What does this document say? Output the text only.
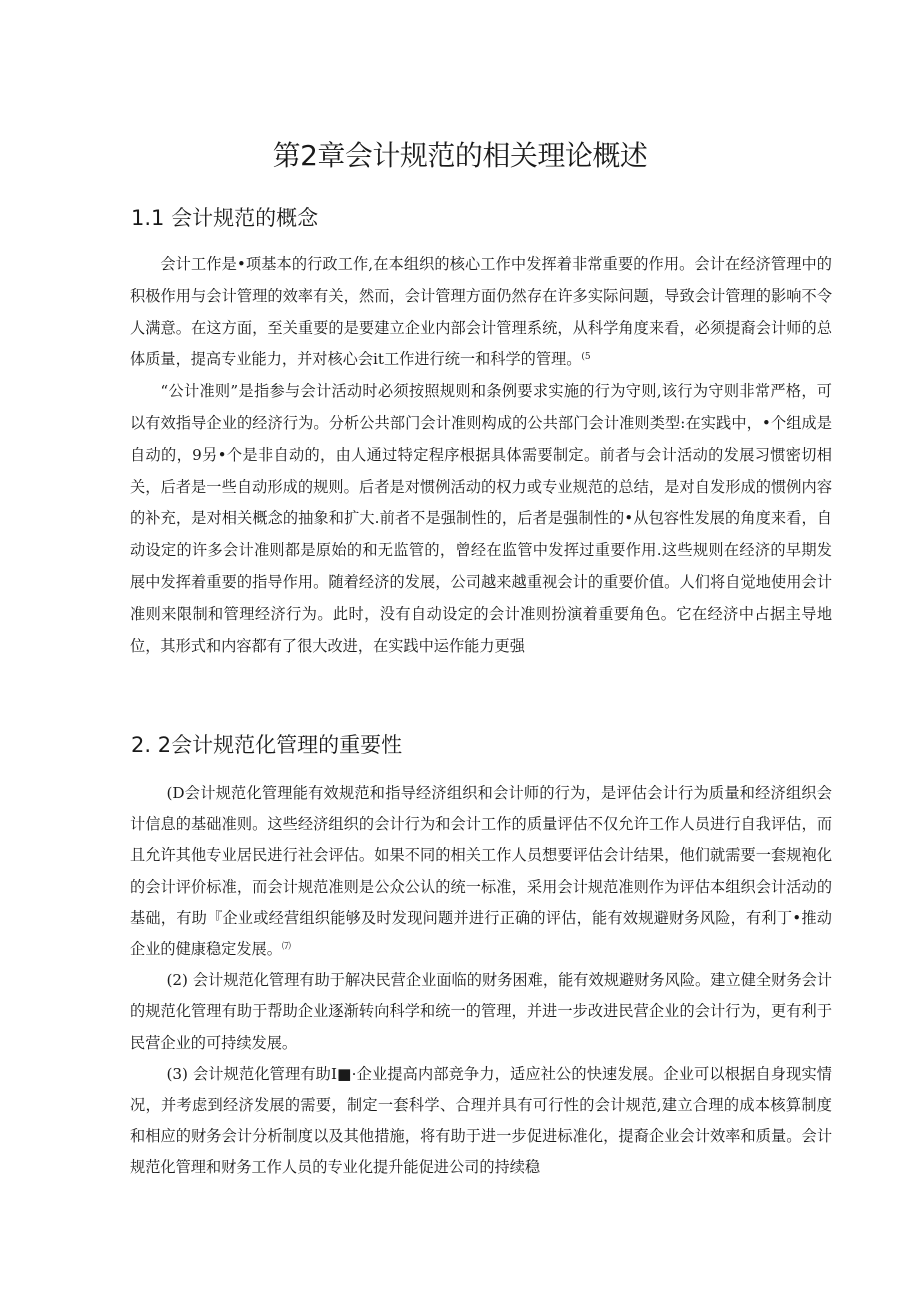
第2章会计规范的相关理论概述
1.1 会计规范的概念

会计工作是•项基本的行政工作,在本组织的核心工作中发挥着非常重要的作用。会计在经济管理中的积极作用与会计管理的效率有关，然而，会计管理方面仍然存在许多实际问题，导致会计管理的影响不令人满意。在这方面，至关重要的是要建立企业内部会计管理系统，从科学角度来看，必须提裔会计师的总体质量，提高专业能力，并对核心会it工作进行统一和科学的管理。$^{(5}$

“公计准则”是指参与会计活动时必须按照规则和条例要求实施的行为守则,该行为守则非常严格，可以有效指导企业的经济行为。分析公共部门会计准则构成的公共部门会计准则类型:在实践中，•个组成是自动的，9另•个是非自动的，由人通过特定程序根据具体需要制定。前者与会计活动的发展习惯密切相关，后者是一些自动形成的规则。后者是对惯例活动的权力或专业规范的总结，是对自发形成的惯例内容的补充，是对相关概念的抽象和扩大.前者不是强制性的，后者是强制性的•从包容性发展的角度来看，自动设定的许多会计准则都是原始的和无监管的，曾经在监管中发挥过重要作用.这些规则在经济的早期发展中发挥着重要的指导作用。随着经济的发展，公司越来越重视会计的重要价值。人们将自觉地使用会计准则来限制和管理经济行为。此时，没有自动设定的会计准则扮演着重要角色。它在经济中占据主导地位，其形式和内容都有了很大改进，在实践中运作能力更强

2. 2会计规范化管理的重要性

(D会计规范化管理能有效规范和指导经济组织和会计师的行为，是评估会计行为质量和经济组织会计信息的基础准则。这些经济组织的会计行为和会计工作的质量评估不仅允许工作人员进行自我评估，而且允许其他专业居民进行社会评估。如果不同的相关工作人员想要评估会计结果，他们就需要一套规袍化的会计评价标准，而会计规范准则是公众公认的统一标准，采用会计规范准则作为评估本组织会计活动的基础，有助『企业或经营组织能够及时发现问题并进行正确的评估，能有效规避财务风险，有利丁•推动企业的健康稳定发展。⑺

(2) 会计规范化管理有助于解决民营企业面临的财务困难，能有效规避财务风险。建立健全财务会计的规范化管理有助于帮助企业逐渐转向科学和统一的管理，并进一步改进民营企业的会计行为，更有利于民营企业的可持续发展。

(3) 会计规范化管理有助I■·企业提高内部竞争力，适应社公的快速发展。企业可以根据自身现实情况，并考虑到经济发展的需要，制定一套科学、合理并具有可行性的会计规范,建立合理的成本核算制度和相应的财务会计分析制度以及其他措施，将有助于进一步促进标准化，提裔企业会计效率和质量。会计规范化管理和财务工作人员的专业化提升能促进公司的持续稳
